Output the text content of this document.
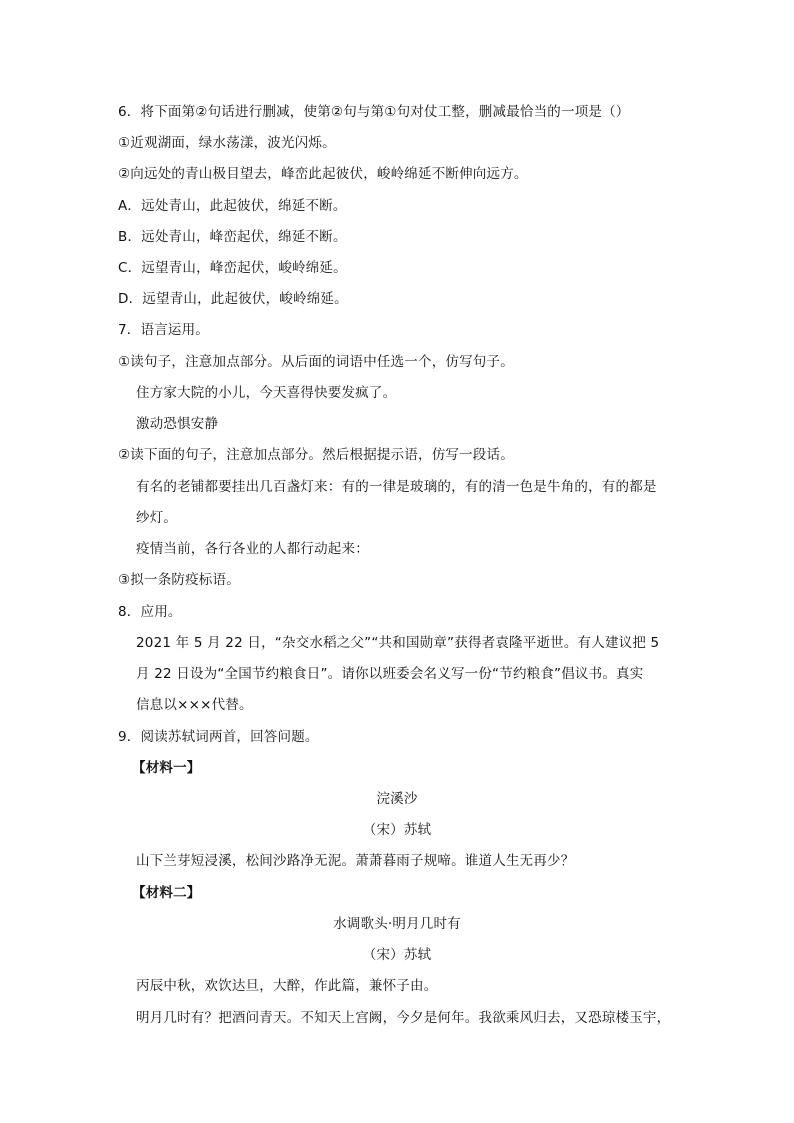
6．将下面第②句话进行删减，使第②句与第①句对仗工整，删减最恰当的一项是（）
①近观湖面，绿水荡漾，波光闪烁。
②向远处的青山极目望去，峰峦此起彼伏，峻岭绵延不断伸向远方。
A．远处青山，此起彼伏，绵延不断。
B．远处青山，峰峦起伏，绵延不断。
C．远望青山，峰峦起伏，峻岭绵延。
D．远望青山，此起彼伏，峻岭绵延。
7．语言运用。
①读句子，注意加点部分。从后面的词语中任选一个，仿写句子。
住方家大院的小儿，今天喜得快要发疯了。
激动恐惧安静
②读下面的句子，注意加点部分。然后根据提示语，仿写一段话。
有名的老铺都要挂出几百盏灯来：有的一律是玻璃的，有的清一色是牛角的，有的都是
纱灯。
疫情当前，各行各业的人都行动起来：
③拟一条防疫标语。
8．应用。
2021 年 5 月 22 日，“杂交水稻之父”“共和国勋章”获得者袁隆平逝世。有人建议把 5
月 22 日设为“全国节约粮食日”。请你以班委会名义写一份“节约粮食”倡议书。真实
信息以×××代替。
9．阅读苏轼词两首，回答问题。
【材料一】
浣溪沙
（宋）苏轼
山下兰芽短浸溪，松间沙路净无泥。萧萧暮雨子规啼。谁道人生无再少？
【材料二】
水调歌头·明月几时有
（宋）苏轼
丙辰中秋，欢饮达旦，大醉，作此篇，兼怀子由。
明月几时有？把酒问青天。不知天上宫阙，今夕是何年。我欲乘风归去，又恐琼楼玉宇，
